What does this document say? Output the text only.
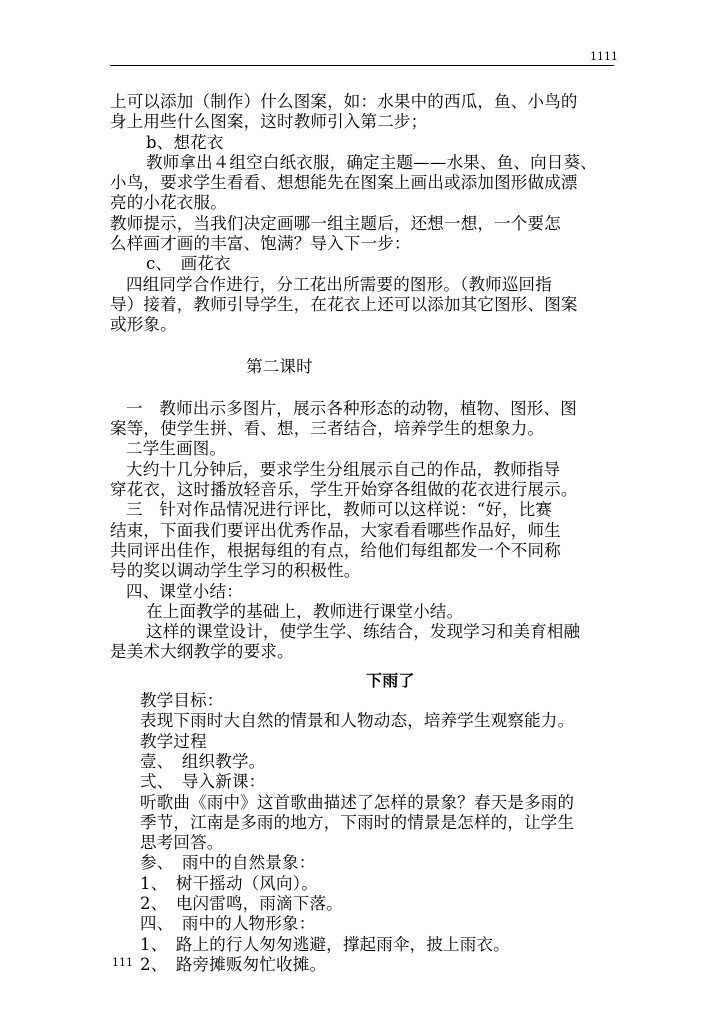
1111
上可以添加（制作）什么图案，如：水果中的西瓜，鱼、小鸟的
身上用些什么图案，这时教师引入第二步；
b、想花衣
教师拿出４组空白纸衣服，确定主题——水果、鱼、向日葵、
小鸟，要求学生看看、想想能先在图案上画出或添加图形做成漂
亮的小花衣服。
教师提示，当我们决定画哪一组主题后，还想一想，一个要怎
么样画才画的丰富、饱满？导入下一步：
c、　画花衣
四组同学合作进行，分工花出所需要的图形。（教师巡回指
导）接着，教师引导学生，在花衣上还可以添加其它图形、图案
或形象。
第二课时
一　教师出示多图片，展示各种形态的动物，植物、图形、图
案等，使学生拼、看、想，三者结合，培养学生的想象力。
二学生画图。
大约十几分钟后，要求学生分组展示自己的作品，教师指导
穿花衣，这时播放轻音乐，学生开始穿各组做的花衣进行展示。
三　针对作品情况进行评比，教师可以这样说：“好，比赛
结束，下面我们要评出优秀作品，大家看看哪些作品好，师生
共同评出佳作，根据每组的有点，给他们每组都发一个不同称
号的奖以调动学生学习的积极性。
四、课堂小结：
在上面教学的基础上，教师进行课堂小结。
这样的课堂设计，使学生学、练结合，发现学习和美育相融
是美术大纲教学的要求。
下雨了
教学目标：
表现下雨时大自然的情景和人物动态，培养学生观察能力。
教学过程
壹、　组织教学。
弍、　导入新课：
听歌曲《雨中》这首歌曲描述了怎样的景象？春天是多雨的
季节，江南是多雨的地方，下雨时的情景是怎样的，让学生
思考回答。
参、　雨中的自然景象：
1、　树干摇动（风向）。
2、　电闪雷鸣，雨滴下落。
四、　雨中的人物形象：
1、　路上的行人匆匆逃避，撑起雨伞，披上雨衣。
2、　路旁摊贩匆忙收摊。
111
